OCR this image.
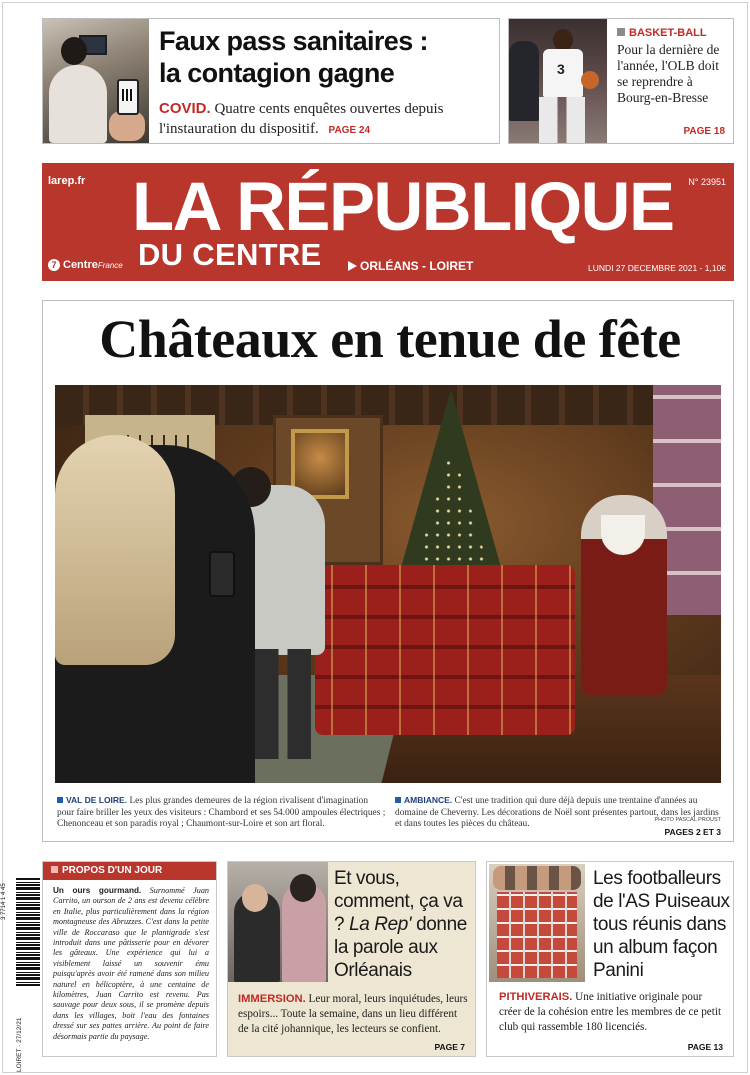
Faux pass sanitaires :
la contagion gagne
COVID. Quatre cents enquêtes ouvertes depuis l'instauration du dispositif. PAGE 24
3
BASKET-BALL
Pour la dernière de l'année, l'OLB doit se reprendre à Bourg-en-Bresse
PAGE 18
larep.fr	N° 23951
LA RÉPUBLIQUE
DU CENTRE
7 CentreFrance	ORLÉANS - LOIRET	LUNDI 27 DECEMBRE 2021 - 1,10€
Châteaux en tenue de fête
VAL DE LOIRE. Les plus grandes demeures de la région rivalisent d'imagination pour faire briller les yeux des visiteurs : Chambord et ses 54.000 ampoules électriques ; Chenonceau et son paradis royal ; Chaumont-sur-Loire et son art floral.
AMBIANCE. C'est une tradition qui dure déjà depuis une trentaine d'années au domaine de Cheverny. Les décorations de Noël sont présentes partout, dans les jardins et dans toutes les pièces du château.	PHOTO PASCAL PROUST
PAGES 2 ET 3
3 7714 1 4 45
LOIRET · 27/12/21
PROPOS D'UN JOUR
Un ours gourmand. Surnommé Juan Carrito, un ourson de 2 ans est devenu célèbre en Italie, plus particulièrement dans la région montagneuse des Abruzzes. C'est dans la petite ville de Roccaraso que le plantigrade s'est introduit dans une pâtisserie pour en dévorer les gâteaux. Une expérience qui lui a visiblement laissé un souvenir ému puisqu'après avoir été ramené dans son milieu naturel en hélicoptère, à une centaine de kilomètres, Juan Carrito est revenu. Pas sauvage pour deux sous, il se promène depuis dans les villages, boit l'eau des fontaines dressé sur ses pattes arrière. Au point de faire désormais partie du paysage.
Et vous, comment, ça va ? La Rep' donne la parole aux Orléanais
IMMERSION. Leur moral, leurs inquiétudes, leurs espoirs... Toute la semaine, dans un lieu différent de la cité johannique, les lecteurs se confient.
PAGE 7
Les footballeurs de l'AS Puiseaux tous réunis dans un album façon Panini
PITHIVERAIS. Une initiative originale pour créer de la cohésion entre les membres de ce petit club qui rassemble 180 licenciés.
PAGE 13
